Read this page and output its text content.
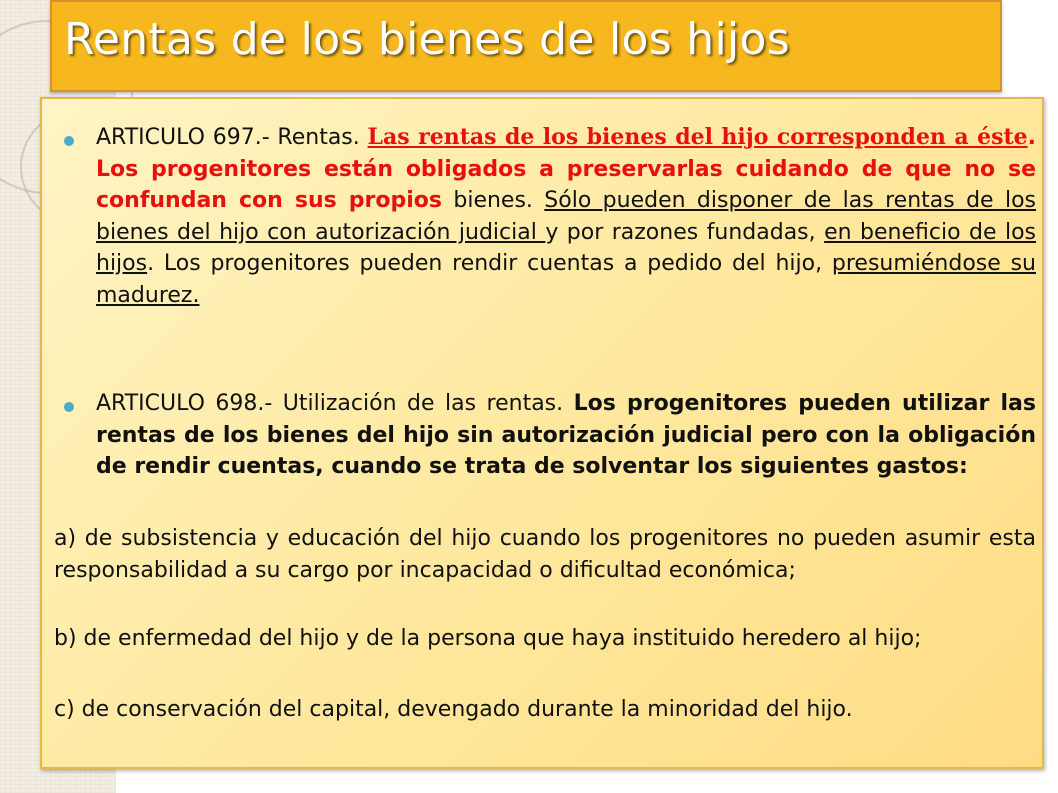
Rentas de los bienes de los hijos
ARTICULO 697.- Rentas. Las rentas de los bienes del hijo corresponden a éste. Los progenitores están obligados a preservarlas cuidando de que no se confundan con sus propios bienes. Sólo pueden disponer de las rentas de los bienes del hijo con autorización judicial y por razones fundadas, en beneficio de los hijos. Los progenitores pueden rendir cuentas a pedido del hijo, presumiéndose su madurez.
ARTICULO 698.- Utilización de las rentas. Los progenitores pueden utilizar las rentas de los bienes del hijo sin autorización judicial pero con la obligación de rendir cuentas, cuando se trata de solventar los siguientes gastos:
a) de subsistencia y educación del hijo cuando los progenitores no pueden asumir esta responsabilidad a su cargo por incapacidad o dificultad económica;
b) de enfermedad del hijo y de la persona que haya instituido heredero al hijo;
c) de conservación del capital, devengado durante la minoridad del hijo.
